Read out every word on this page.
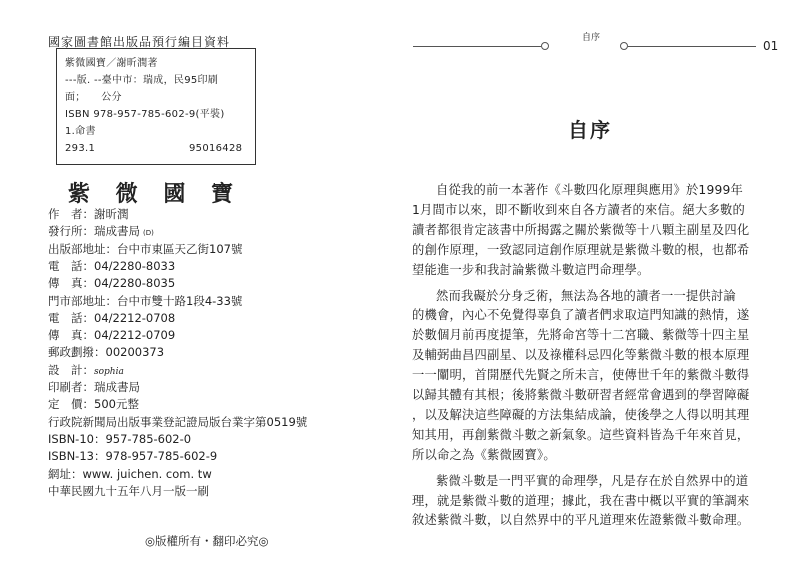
國家圖書館出版品預行編目資料
紫微國寶／謝昕潤著
---版. --臺中市：瑞成，民95印刷
面；　　公分
ISBN 978-957-785-602-9(平裝)
1.命書
293.1	95016428
紫 微 國 寶
作　者：謝昕潤
發行所：瑞成書局 (D)
出版部地址：台中市東區天乙街107號
電　話：04/2280-8033
傳　真：04/2280-8035
門市部地址：台中市雙十路1段4-33號
電　話：04/2212-0708
傳　真：04/2212-0709
郵政劃撥：00200373
設　計：sophia
印刷者：瑞成書局
定　價：500元整
行政院新聞局出版事業登記證局版台業字第0519號
ISBN-10：957-785-602-0
ISBN-13：978-957-785-602-9
網址：www. juichen. com. tw
中華民國九十五年八月一版一刷
◎版權所有・翻印必究◎
自序
01
自序
自從我的前一本著作《斗數四化原理與應用》於1999年
1月間市以來，即不斷收到來自各方讀者的來信。絕大多數的
讀者都很肯定該書中所揭露之關於紫微等十八顆主副星及四化
的創作原理，一致認同這創作原理就是紫微斗數的根，也都希
望能進一步和我討論紫微斗數這門命理學。
然而我礙於分身乏術，無法為各地的讀者一一提供討論
的機會，內心不免覺得辜負了讀者們求取這門知識的熱情，遂
於數個月前再度提筆，先將命宮等十二宮職、紫微等十四主星
及輔弼曲昌四副星、以及祿權科忌四化等紫微斗數的根本原理
一一闡明，首開歷代先賢之所未言，使傳世千年的紫微斗數得
以歸其體有其根；後將紫微斗數研習者經常會遇到的學習障礙
，以及解決這些障礙的方法集結成論，使後學之人得以明其理
知其用，再創紫微斗數之新氣象。這些資料皆為千年來首見，
所以命之為《紫微國寶》。
紫微斗數是一門平實的命理學，凡是存在於自然界中的道
理，就是紫微斗數的道理；據此，我在書中概以平實的筆調來
敘述紫微斗數，以自然界中的平凡道理來佐證紫微斗數命理。
